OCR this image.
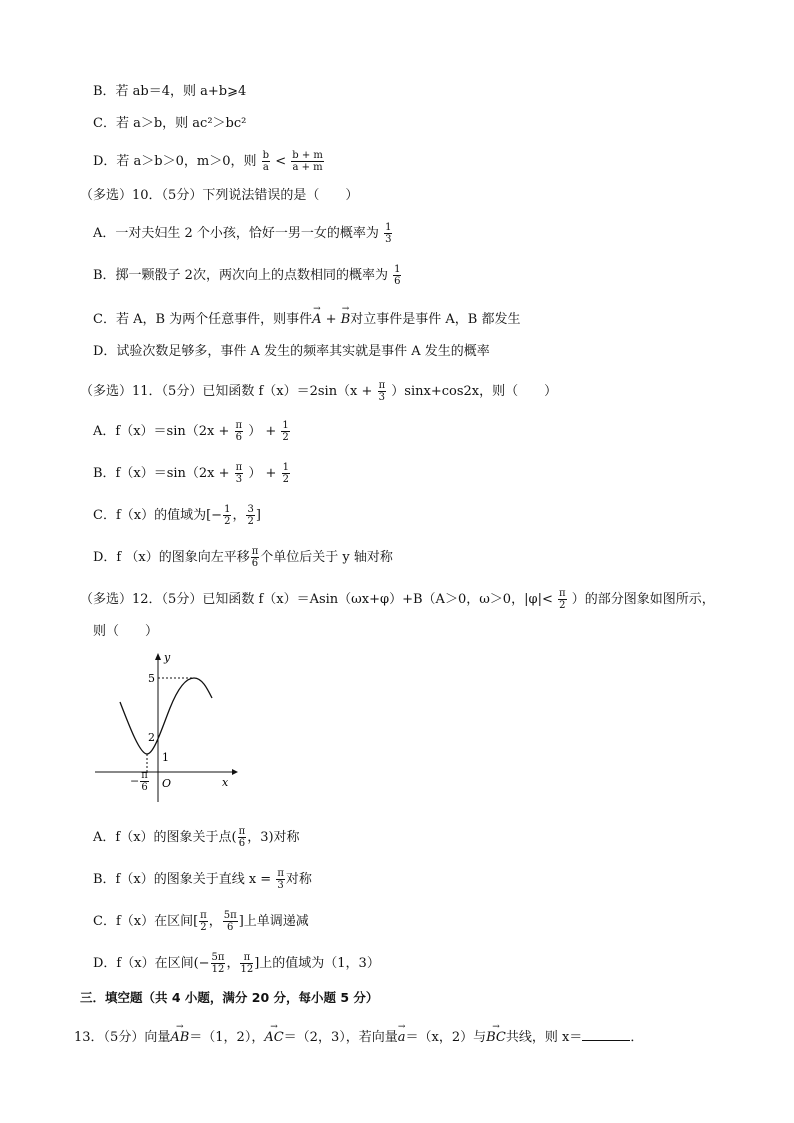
B．若 ab＝4，则 a+b⩾4
C．若 a＞b，则 ac²＞bc²
D．若 a＞b＞0，m＞0，则 $\frac{b}{a} < \frac{b + m}{a + m}$
（多选）10．（5分）下列说法错误的是（　　）
A．一对夫妇生 2 个小孩，恰好一男一女的概率为 $\frac{1}{3}$
B．掷一颗骰子 2次，两次向上的点数相同的概率为 $\frac{1}{6}$
C．若 A，B 为两个任意事件，则事件→ A + → B对立事件是事件 A，B 都发生
D．试验次数足够多，事件 A 发生的频率其实就是事件 A 发生的概率
（多选）11．（5分）已知函数 $f(x)=2\sin(x + \frac{\pi}{3} )\sin x+\cos 2x$，则（　　）
A．$f(x)=\sin(2x + \frac{\pi}{6}$ ） + $\frac{1}{2}$
B．$f(x)=\sin(2x + \frac{\pi}{3}$ ） + $\frac{1}{2}$
C．f（x）的值域为[− $\frac{1}{2}$ ， $\frac{3}{2}$ ]
D．f （x）的图象向左平移 $\frac{\pi}{6}$ 个单位后关于 y 轴对称
（多选）12．（5分）已知函数 f（x）＝Asin（ωx+φ）+B（A＞0，ω＞0，$|\varphi|< \frac{\pi}{2}$ ）的部分图象如图所示，
则（　　）
y
x
O
5
2
1
− $\frac{\pi}{6}$
A．f（x）的图象关于点( $\frac{\pi}{6}$ ，3)对称
B．f（x）的图象关于直线 $x = \frac{\pi}{3}$ 对称
C．f（x）在区间[ $\frac{\pi}{2}$ ， $\frac{5\pi}{6}$ ]上单调递减
D．f（x）在区间(− $\frac{5\pi}{12}$ ， $\frac{\pi}{12}$ ]上的值域为（1，3）
三．填空题（共 4 小题，满分 20 分，每小题 5 分）
13．（5分）向量→ AB＝（1，2），→ AC＝（2，3），若向量→ a＝（x，2）与→ BC共线，则 x＝	．
